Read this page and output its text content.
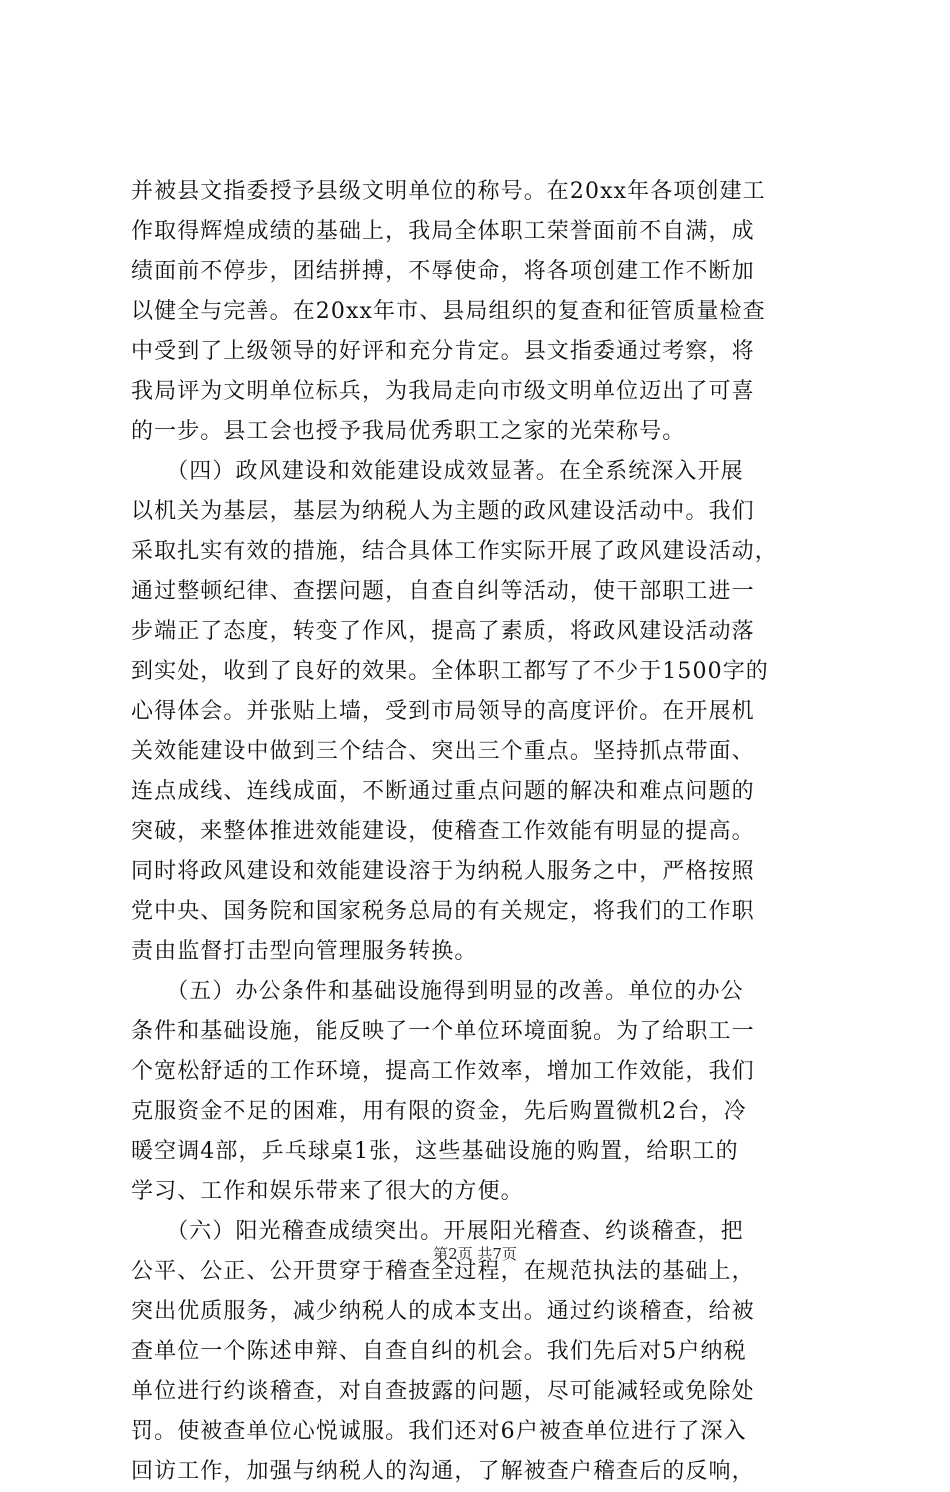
并被县文指委授予县级文明单位的称号。在20xx年各项创建工
作取得辉煌成绩的基础上，我局全体职工荣誉面前不自满，成
绩面前不停步，团结拼搏，不辱使命，将各项创建工作不断加
以健全与完善。在20xx年市、县局组织的复查和征管质量检查
中受到了上级领导的好评和充分肯定。县文指委通过考察，将
我局评为文明单位标兵，为我局走向市级文明单位迈出了可喜
的一步。县工会也授予我局优秀职工之家的光荣称号。
　　（四）政风建设和效能建设成效显著。在全系统深入开展
以机关为基层，基层为纳税人为主题的政风建设活动中。我们
采取扎实有效的措施，结合具体工作实际开展了政风建设活动，
通过整顿纪律、查摆问题，自查自纠等活动，使干部职工进一
步端正了态度，转变了作风，提高了素质，将政风建设活动落
到实处，收到了良好的效果。全体职工都写了不少于1500字的
心得体会。并张贴上墙，受到市局领导的高度评价。在开展机
关效能建设中做到三个结合、突出三个重点。坚持抓点带面、
连点成线、连线成面，不断通过重点问题的解决和难点问题的
突破，来整体推进效能建设，使稽查工作效能有明显的提高。
同时将政风建设和效能建设溶于为纳税人服务之中，严格按照
党中央、国务院和国家税务总局的有关规定，将我们的工作职
责由监督打击型向管理服务转换。
　　（五）办公条件和基础设施得到明显的改善。单位的办公
条件和基础设施，能反映了一个单位环境面貌。为了给职工一
个宽松舒适的工作环境，提高工作效率，增加工作效能，我们
克服资金不足的困难，用有限的资金，先后购置微机2台，冷
暖空调4部，乒乓球桌1张，这些基础设施的购置，给职工的
学习、工作和娱乐带来了很大的方便。
　　（六）阳光稽查成绩突出。开展阳光稽查、约谈稽查，把
公平、公正、公开贯穿于稽查全过程，在规范执法的基础上，
突出优质服务，减少纳税人的成本支出。通过约谈稽查，给被
查单位一个陈述申辩、自查自纠的机会。我们先后对5户纳税
单位进行约谈稽查，对自查披露的问题，尽可能减轻或免除处
罚。使被查单位心悦诚服。我们还对6户被查单位进行了深入
回访工作，加强与纳税人的沟通，了解被查户稽查后的反响，
第2页 共7页
